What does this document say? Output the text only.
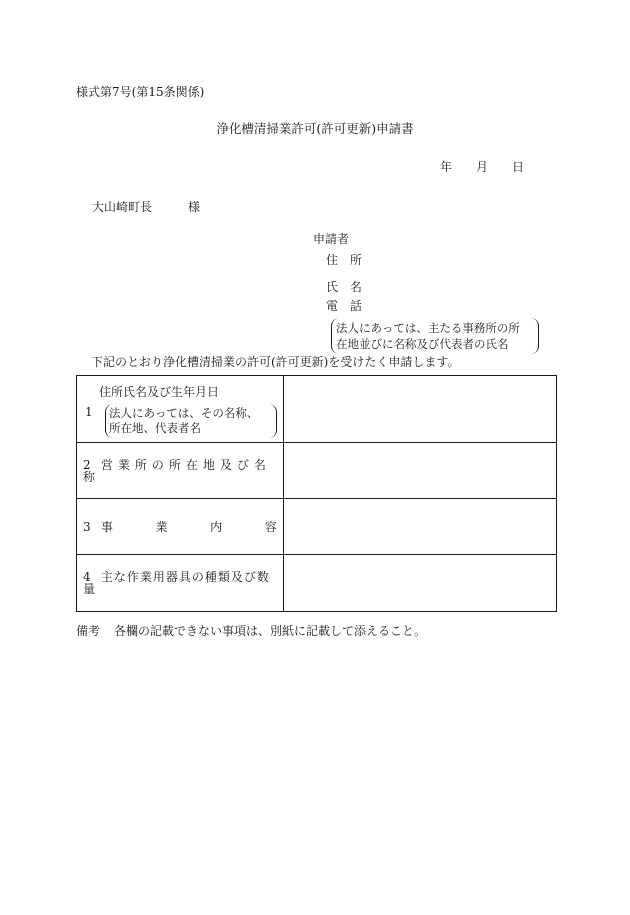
様式第7号(第15条関係)
浄化槽清掃業許可(許可更新)申請書
年 月 日
大山崎町長	様
申請者
住 所
氏 名
電 話
法人にあっては、主たる事務所の所
在地並びに名称及び代表者の氏名
下記のとおり浄化槽清掃業の許可(許可更新)を受けたく申請します。
住所氏名及び生年月日
1 法人にあっては、その名称、
所在地、代表者名	

2 営業所の所在地及び名称	

3 事 業 内 容	

4 主な作業用器具の種類及び数量	

備考 各欄の記載できない事項は、別紙に記載して添えること。
